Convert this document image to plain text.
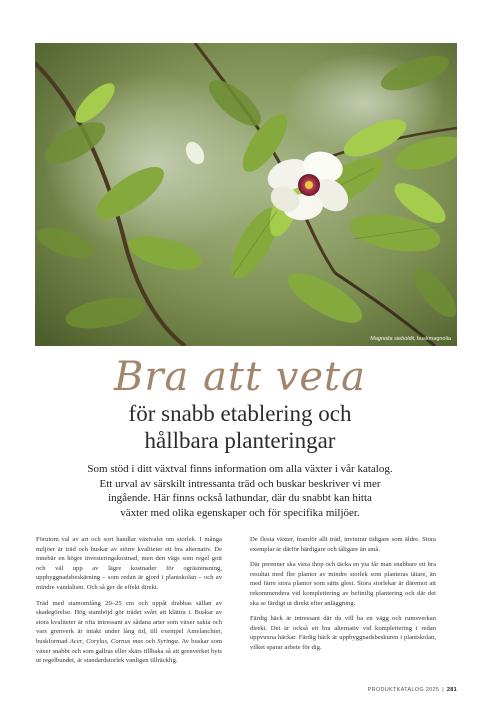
Magnolia sieboldii, buskmagnolia
Bra att veta
för snabb etablering och
hållbara planteringar
Som stöd i ditt växtval finns information om alla växter i vår katalog.
Ett urval av särskilt intressanta träd och buskar beskriver vi mer
ingående. Här finns också lathundar, där du snabbt kan hitta
växter med olika egenskaper och för specifika miljöer.

Förutom val av art och sort handlar växtvalet om storlek. I många miljöer är träd och buskar av större kvaliteter ett bra alternativ. De innebär en högre investeringskostnad, men den vägs som regel gott och väl upp av lägre kostnader för ogräsrensning, uppbyggnadsbeskärning – som redan är gjord i plantskolan – och av mindre vandalism. Och så ger de effekt direkt.

Träd med stamomfång 20–25 cm och uppåt drabbas sällan av skadegörelse. Hög stamhöjd gör trädet svårt att klättra i. Buskar av stora kvaliteter är ofta intressant av sådana arter som växer sakta och vars grenverk är intakt under lång tid, till exempel Amelanchier, buskformad Acer, Corylus, Cornus mas och Syringa. Av buskar som växer snabbt och som gallras eller skärs tillbaka så att grenverket byts ut regelbundet, är standardstorlek vanligen tillräcklig.

De flesta växter, framför allt träd, invintrar tidigare som äldre. Stora exemplar är därför härdigare och tåligare än små.

Där perenner ska växa ihop och täcka en yta får man snabbare ett bra resultat med fler plantor av mindre storlek som planteras tätare, än med färre stora plantor som sätts glest. Stora storlekar är däremot att rekommendera vid komplettering av befintlig plantering och där det ska se färdigt ut direkt efter anläggning.

Färdig häck är intressant där du vill ha en vägg och rumsverkan direkt. Det är också ett bra alternativ vid komplettering i redan uppvuxna häckar. Färdig häck är uppbyggnadsbeskuren i plantskolan, vilket sparar arbete för dig.

PRODUKTKATALOG 2025 | 281
